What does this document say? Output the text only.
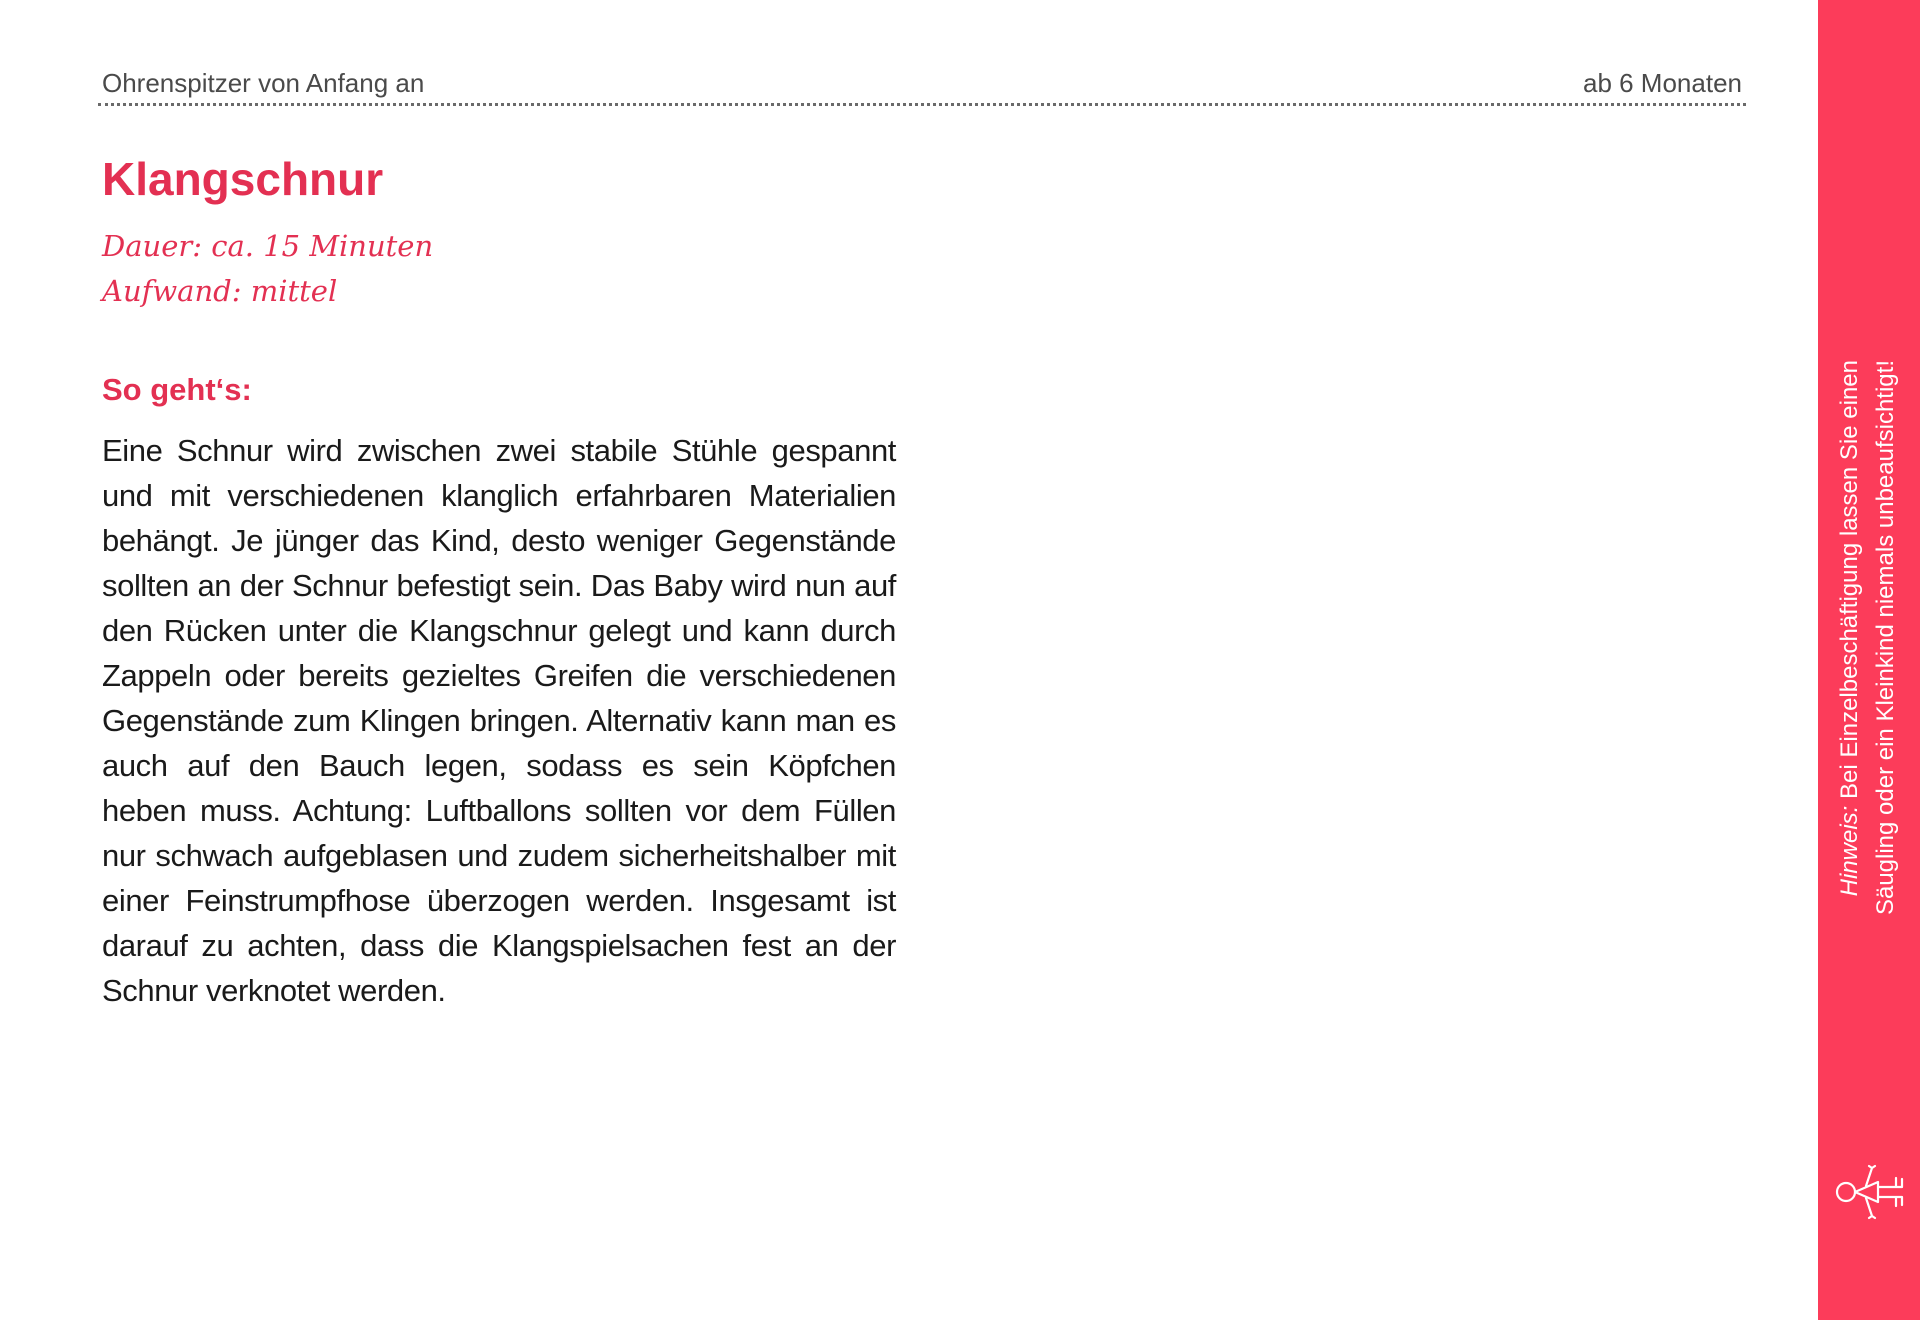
Ohrenspitzer von Anfang an	ab 6 Monaten
Klangschnur
Dauer: ca. 15 Minuten
Aufwand: mittel
So geht‘s:

Eine Schnur wird zwischen zwei stabile Stühle gespannt und mit verschiedenen klanglich erfahrbaren Materialien behängt. Je jünger das Kind, desto weniger Gegenstände sollten an der Schnur befestigt sein. Das Baby wird nun auf den Rücken unter die Klangschnur gelegt und kann durch Zappeln oder bereits gezieltes Greifen die verschiedenen Gegenstände zum Klingen bringen. Alternativ kann man es auch auf den Bauch legen, sodass es sein Köpfchen heben muss. Achtung: Luftballons sollten vor dem Füllen nur schwach aufgeblasen und zudem sicherheitshalber mit einer Feinstrumpfhose überzogen werden. Insgesamt ist darauf zu achten, dass die Klangspielsachen fest an der Schnur verknotet werden.

Hinweis: Bei Einzelbeschäftigung lassen Sie einen Säugling oder ein Kleinkind niemals unbeaufsichtigt!
